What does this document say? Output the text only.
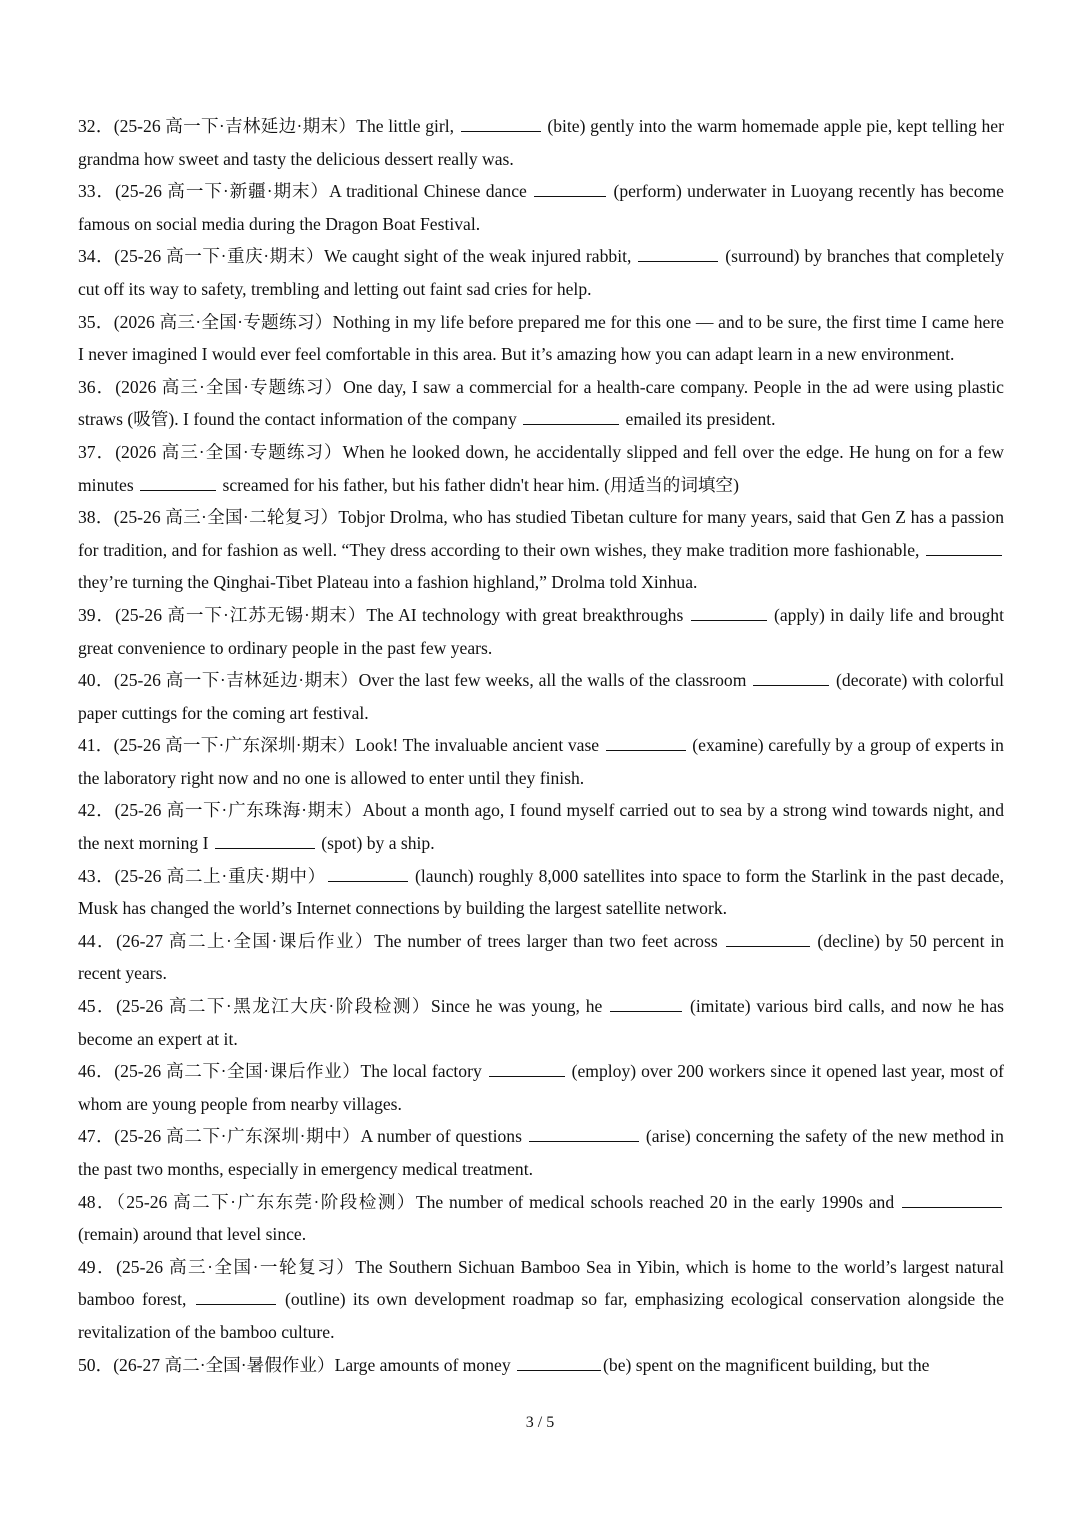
32．(25-26 高一下·吉林延边·期末）The little girl,	(bite) gently into the warm homemade apple pie, kept telling her grandma how sweet and tasty the delicious dessert really was.

33．(25-26 高一下·新疆·期末）A traditional Chinese dance	(perform) underwater in Luoyang recently has become famous on social media during the Dragon Boat Festival.

34．(25-26 高一下·重庆·期末）We caught sight of the weak injured rabbit,	(surround) by branches that completely cut off its way to safety, trembling and letting out faint sad cries for help.

35．(2026 高三·全国·专题练习）Nothing in my life before prepared me for this one — and to be sure, the first time I came here I never imagined I would ever feel comfortable in this area. But it’s amazing how you can adapt learn in a new environment.

36．(2026 高三·全国·专题练习）One day, I saw a commercial for a health-care company. People in the ad were using plastic straws (吸管). I found the contact information of the company	emailed its president.

37．(2026 高三·全国·专题练习）When he looked down, he accidentally slipped and fell over the edge. He hung on for a few minutes	screamed for his father, but his father didn't hear him. (用适当的词填空)

38．(25-26 高三·全国·二轮复习）Tobjor Drolma, who has studied Tibetan culture for many years, said that Gen Z has a passion for tradition, and for fashion as well. “They dress according to their own wishes, they make tradition more fashionable,  they’re turning the Qinghai-Tibet Plateau into a fashion highland,” Drolma told Xinhua.

39．(25-26 高一下·江苏无锡·期末）The AI technology with great breakthroughs	(apply) in daily life and brought great convenience to ordinary people in the past few years.

40．(25-26 高一下·吉林延边·期末）Over the last few weeks, all the walls of the classroom	(decorate) with colorful paper cuttings for the coming art festival.

41．(25-26 高一下·广东深圳·期末）Look! The invaluable ancient vase	(examine) carefully by a group of experts in the laboratory right now and no one is allowed to enter until they finish.

42．(25-26 高一下·广东珠海·期末）About a month ago, I found myself carried out to sea by a strong wind towards night, and the next morning I	(spot) by a ship.

43．(25-26 高二上·重庆·期中）	(launch) roughly 8,000 satellites into space to form the Starlink in the past decade, Musk has changed the world’s Internet connections by building the largest satellite network.

44．(26-27 高二上·全国·课后作业）The number of trees larger than two feet across	(decline) by 50 percent in recent years.

45．(25-26 高二下·黑龙江大庆·阶段检测）Since he was young, he	(imitate) various bird calls, and now he has become an expert at it.

46．(25-26 高二下·全国·课后作业）The local factory	(employ) over 200 workers since it opened last year, most of whom are young people from nearby villages.

47．(25-26 高二下·广东深圳·期中）A number of questions	(arise) concerning the safety of the new method in the past two months, especially in emergency medical treatment.

48．（25-26 高二下·广东东莞·阶段检测）The number of medical schools reached 20 in the early 1990s and  (remain) around that level since.

49．(25-26 高三·全国·一轮复习）The Southern Sichuan Bamboo Sea in Yibin, which is home to the world’s largest natural bamboo forest,	(outline) its own development roadmap so far, emphasizing ecological conservation alongside the revitalization of the bamboo culture.

50．(26-27 高二·全国·暑假作业）Large amounts of money	(be) spent on the magnificent building, but the

3 / 5
